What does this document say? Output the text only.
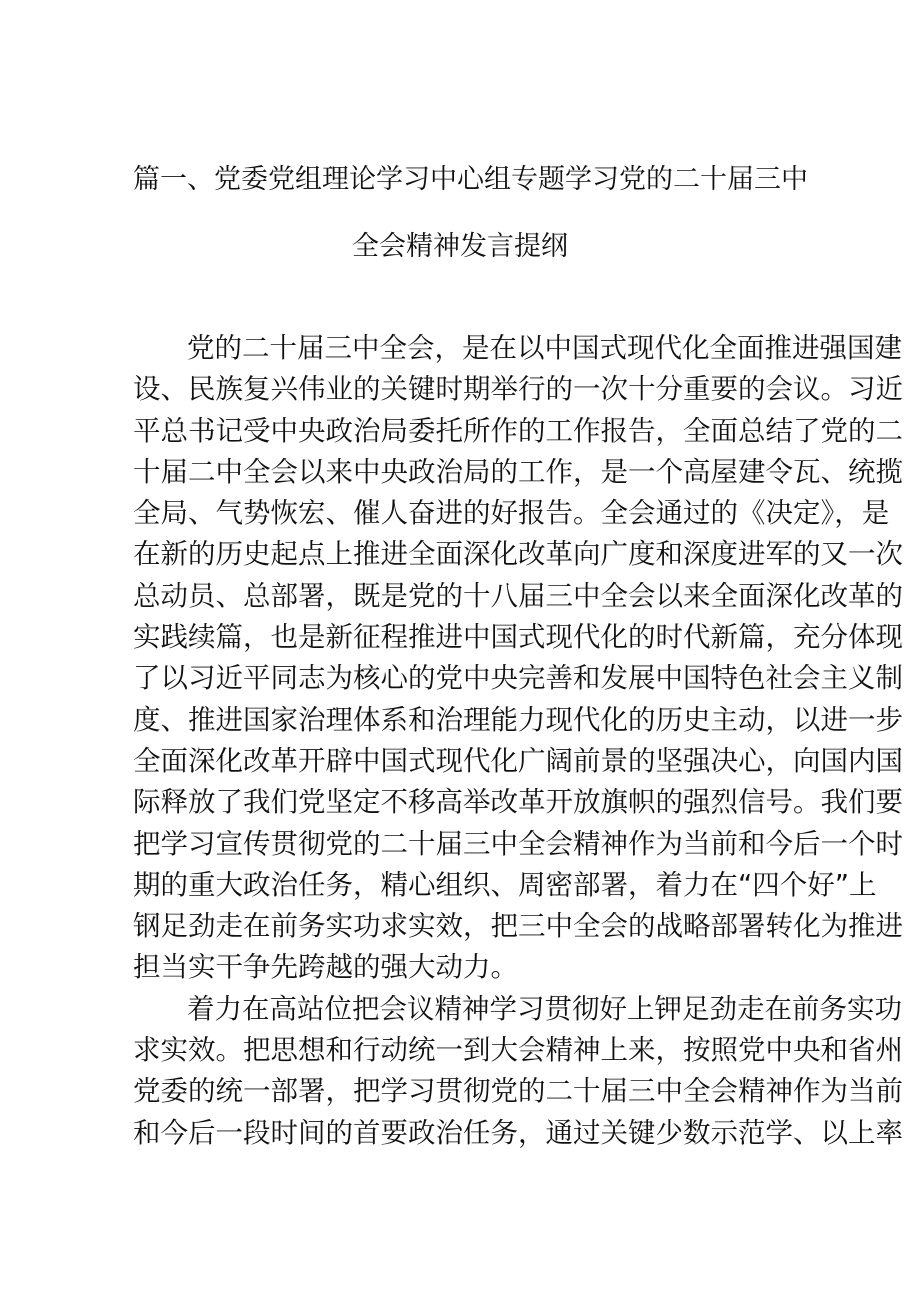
篇一、党委党组理论学习中心组专题学习党的二十届三中
全会精神发言提纲
党的二十届三中全会，是在以中国式现代化全面推进强国建
设、民族复兴伟业的关键时期举行的一次十分重要的会议。习近
平总书记受中央政治局委托所作的工作报告，全面总结了党的二
十届二中全会以来中央政治局的工作，是一个高屋建令瓦、统揽
全局、气势恢宏、催人奋进的好报告。全会通过的《决定》，是
在新的历史起点上推进全面深化改革向广度和深度进军的又一次
总动员、总部署，既是党的十八届三中全会以来全面深化改革的
实践续篇，也是新征程推进中国式现代化的时代新篇，充分体现
了以习近平同志为核心的党中央完善和发展中国特色社会主义制
度、推进国家治理体系和治理能力现代化的历史主动，以进一步
全面深化改革开辟中国式现代化广阔前景的坚强决心，向国内国
际释放了我们党坚定不移高举改革开放旗帜的强烈信号。我们要
把学习宣传贯彻党的二十届三中全会精神作为当前和今后一个时
期的重大政治任务，精心组织、周密部署，着力在“四个好”上
钢足劲走在前务实功求实效，把三中全会的战略部署转化为推进
担当实干争先跨越的强大动力。
着力在高站位把会议精神学习贯彻好上钾足劲走在前务实功
求实效。把思想和行动统一到大会精神上来，按照党中央和省州
党委的统一部署，把学习贯彻党的二十届三中全会精神作为当前
和今后一段时间的首要政治任务，通过关键少数示范学、以上率
